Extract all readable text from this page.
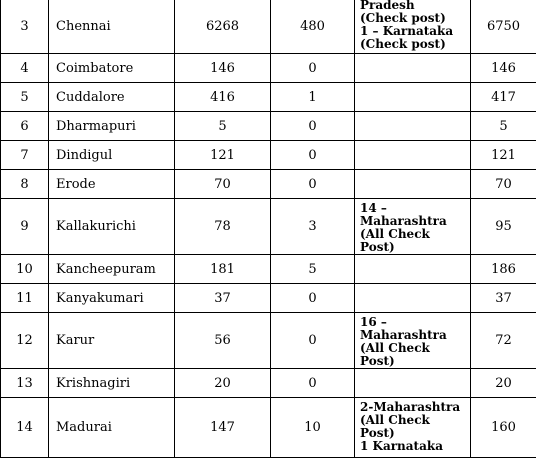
3	Chennai	6268	480	Pradesh
(Check post)
1 – Karnataka
(Check post)	6750
4	Coimbatore	146	0		146
5	Cuddalore	416	1		417
6	Dharmapuri	5	0		5
7	Dindigul	121	0		121
8	Erode	70	0		70
9	Kallakurichi	78	3	14 –
Maharashtra
(All Check Post)	95
10	Kancheepuram	181	5		186
11	Kanyakumari	37	0		37
12	Karur	56	0	16 –
Maharashtra
(All Check Post)	72
13	Krishnagiri	20	0		20
14	Madurai	147	10	2-Maharashtra
(All Check Post)
1 Karnataka	160
